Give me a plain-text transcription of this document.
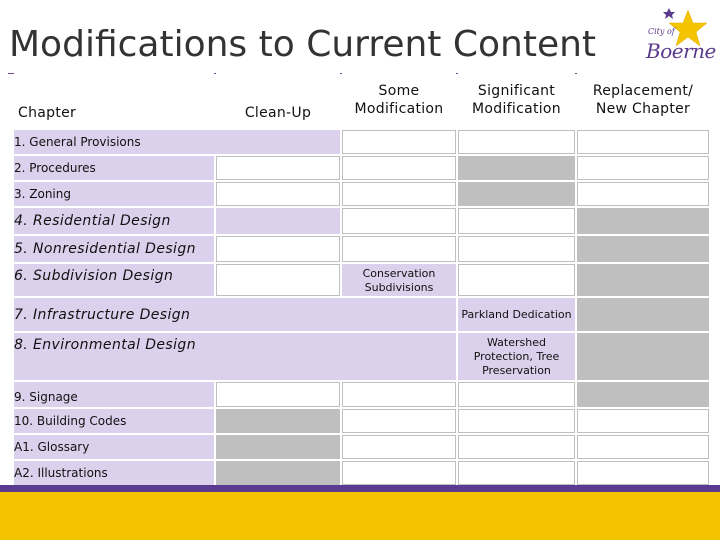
Modifications to Current Content	City of
Boerne
Chapter	Clean-Up	Some Modification	Significant Modification	Replacement/ New Chapter
1. General Provisions				
2. Procedures				
3. Zoning				
4. Residential Design				
5. Nonresidential Design				
6. Subdivision Design		Conservation Subdivisions		

7. Infrastructure Design			Parkland Dedication	

8. Environmental Design			Watershed Protection, Tree Preservation	

9. Signage				
10. Building Codes				
A1. Glossary				
A2. Illustrations				
